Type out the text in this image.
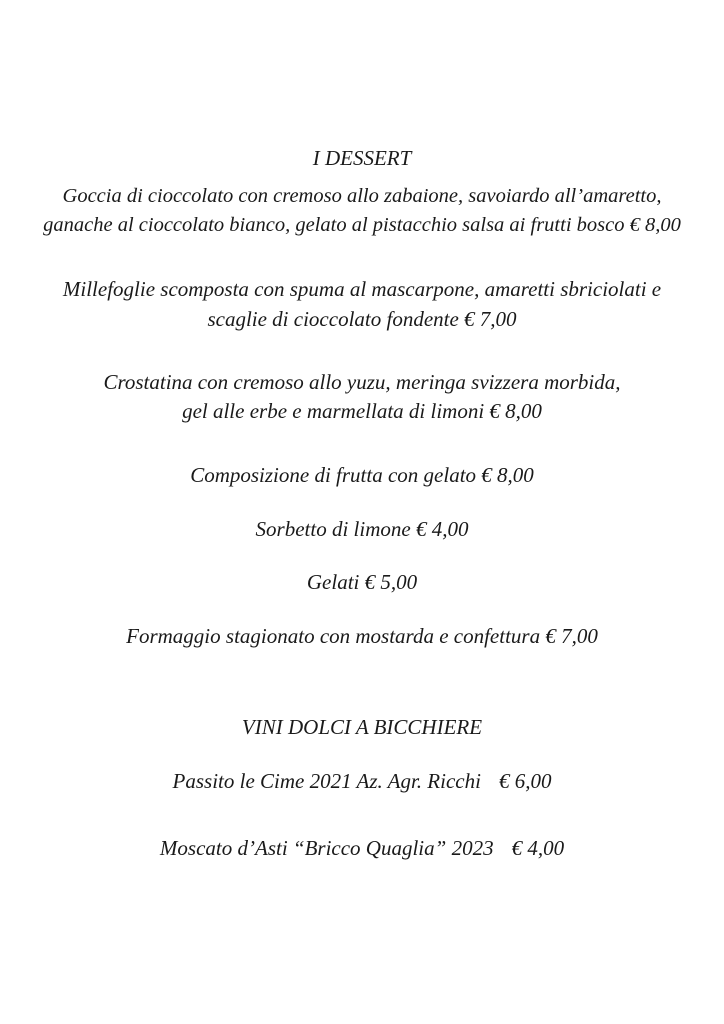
I DESSERT
Goccia di cioccolato con cremoso allo zabaione, savoiardo all’amaretto,
ganache al cioccolato bianco, gelato al pistacchio salsa ai frutti bosco € 8,00
Millefoglie scomposta con spuma al mascarpone, amaretti sbriciolati e
scaglie di cioccolato fondente € 7,00
Crostatina con cremoso allo yuzu, meringa svizzera morbida,
gel alle erbe e marmellata di limoni € 8,00
Composizione di frutta con gelato € 8,00
Sorbetto di limone € 4,00
Gelati € 5,00
Formaggio stagionato con mostarda e confettura € 7,00
VINI DOLCI A BICCHIERE
Passito le Cime 2021 Az. Agr. Ricchi € 6,00
Moscato d’Asti “Bricco Quaglia” 2023 € 4,00
